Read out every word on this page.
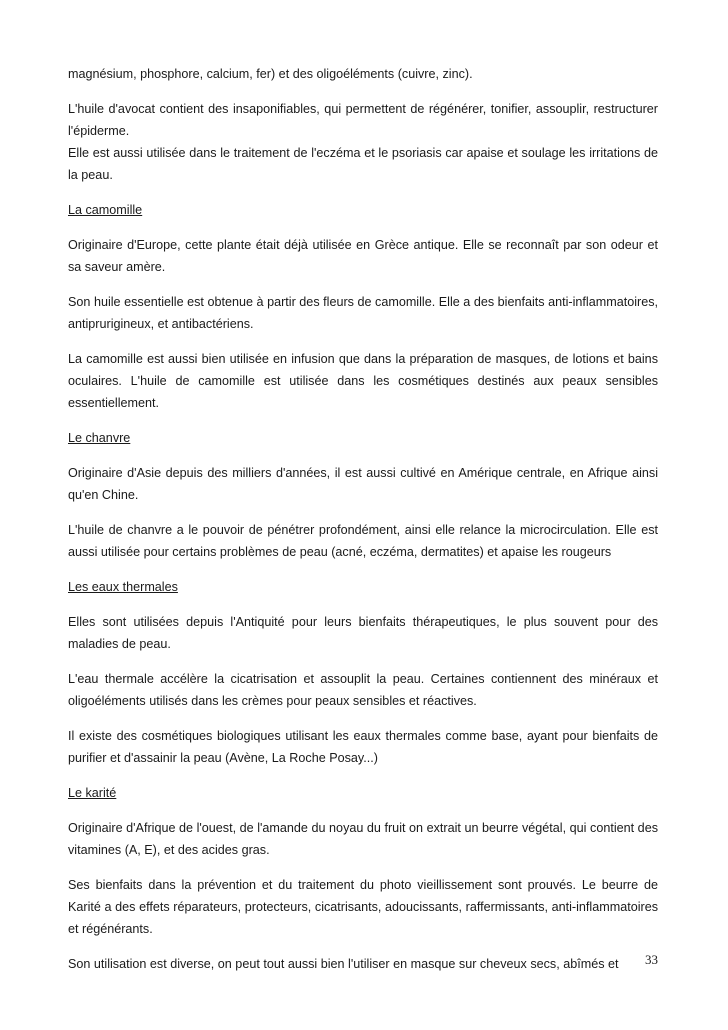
magnésium, phosphore, calcium, fer) et des oligoéléments (cuivre, zinc).

L'huile d'avocat contient des insaponifiables, qui permettent de régénérer, tonifier, assouplir, restructurer l'épiderme.

Elle est aussi utilisée dans le traitement de l'eczéma et le psoriasis car apaise et soulage les irritations de la peau.

La camomille

Originaire d'Europe, cette plante était déjà utilisée en Grèce antique. Elle se reconnaît par son odeur et sa saveur amère.

Son huile essentielle est obtenue à partir des fleurs de camomille. Elle a des bienfaits anti-inflammatoires, antiprurigineux, et antibactériens.

La camomille est aussi bien utilisée en infusion que dans la préparation de masques, de lotions et bains oculaires. L'huile de camomille est utilisée dans les cosmétiques destinés aux peaux sensibles essentiellement.

Le chanvre

Originaire d'Asie depuis des milliers d'années, il est aussi cultivé en Amérique centrale, en Afrique ainsi qu'en Chine.

L'huile de chanvre a le pouvoir de pénétrer profondément, ainsi elle relance la microcirculation. Elle est aussi utilisée pour certains problèmes de peau (acné, eczéma, dermatites) et apaise les rougeurs

Les eaux thermales

Elles sont utilisées depuis l'Antiquité pour leurs bienfaits thérapeutiques, le plus souvent pour des maladies de peau.

L'eau thermale accélère la cicatrisation et assouplit la peau. Certaines contiennent des minéraux et oligoéléments utilisés dans les crèmes pour peaux sensibles et réactives.

Il existe des cosmétiques biologiques utilisant les eaux thermales comme base, ayant pour bienfaits de purifier et d'assainir la peau (Avène, La Roche Posay...)

Le karité

Originaire d'Afrique de l'ouest, de l'amande du noyau du fruit on extrait un beurre végétal, qui contient des vitamines (A, E), et des acides gras.

Ses bienfaits dans la prévention et du traitement du photo vieillissement sont prouvés. Le beurre de Karité a des effets réparateurs, protecteurs, cicatrisants, adoucissants, raffermissants, anti-inflammatoires et régénérants.

Son utilisation est diverse, on peut tout aussi bien l'utiliser en masque sur cheveux secs, abîmés et	33
